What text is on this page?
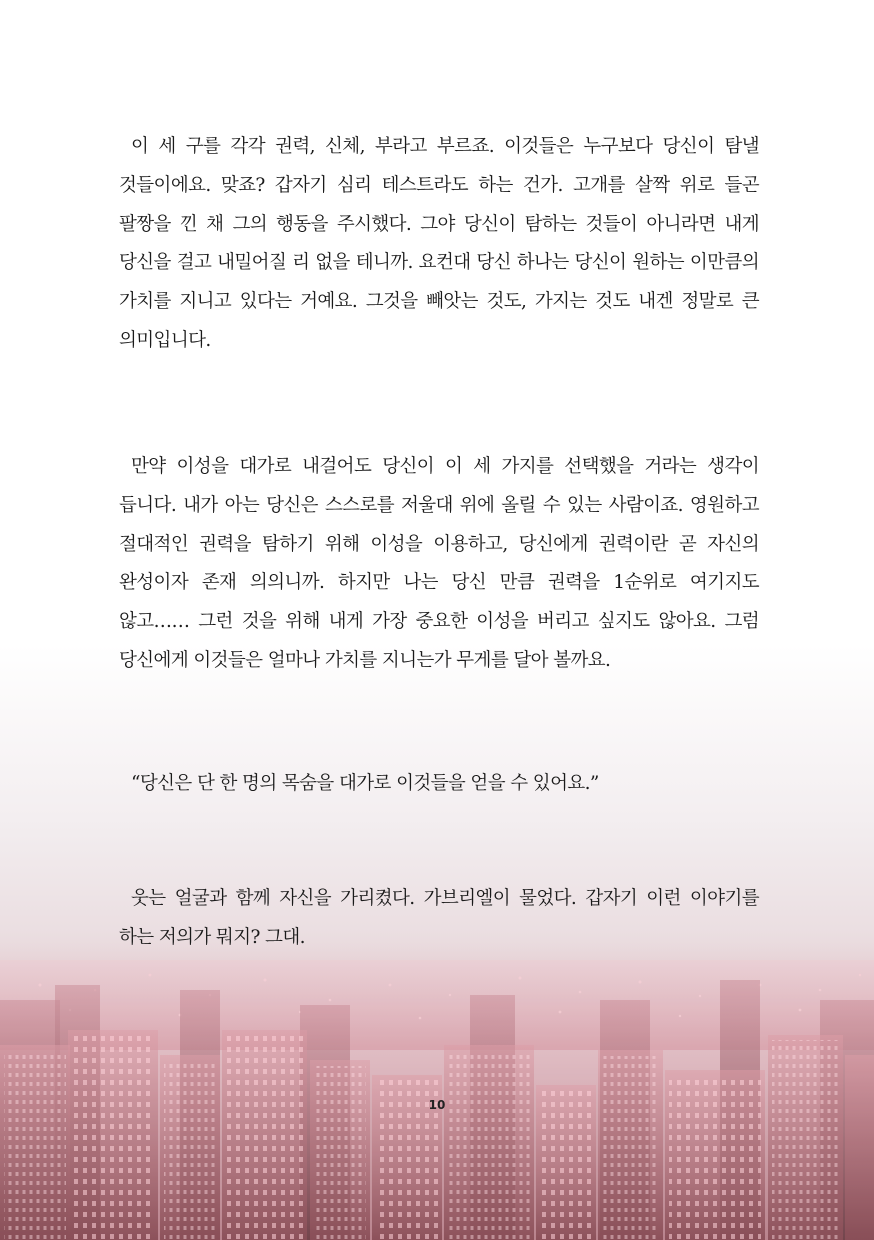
이 세 구를 각각 권력, 신체, 부라고 부르죠. 이것들은 누구보다 당신이 탐낼 것들이에요. 맞죠? 갑자기 심리 테스트라도 하는 건가. 고개를 살짝 위로 들곤 팔짱을 낀 채 그의 행동을 주시했다. 그야 당신이 탐하는 것들이 아니라면 내게 당신을 걸고 내밀어질 리 없을 테니까. 요컨대 당신 하나는 당신이 원하는 이만큼의 가치를 지니고 있다는 거예요. 그것을 빼앗는 것도, 가지는 것도 내겐 정말로 큰 의미입니다.

만약 이성을 대가로 내걸어도 당신이 이 세 가지를 선택했을 거라는 생각이 듭니다. 내가 아는 당신은 스스로를 저울대 위에 올릴 수 있는 사람이죠. 영원하고 절대적인 권력을 탐하기 위해 이성을 이용하고, 당신에게 권력이란 곧 자신의 완성이자 존재 의의니까. 하지만 나는 당신 만큼 권력을 1순위로 여기지도 않고…… 그런 것을 위해 내게 가장 중요한 이성을 버리고 싶지도 않아요. 그럼 당신에게 이것들은 얼마나 가치를 지니는가 무게를 달아 볼까요.

“당신은 단 한 명의 목숨을 대가로 이것들을 얻을 수 있어요.”

웃는 얼굴과 함께 자신을 가리켰다. 가브리엘이 물었다. 갑자기 이런 이야기를 하는 저의가 뭐지? 그대.

10
